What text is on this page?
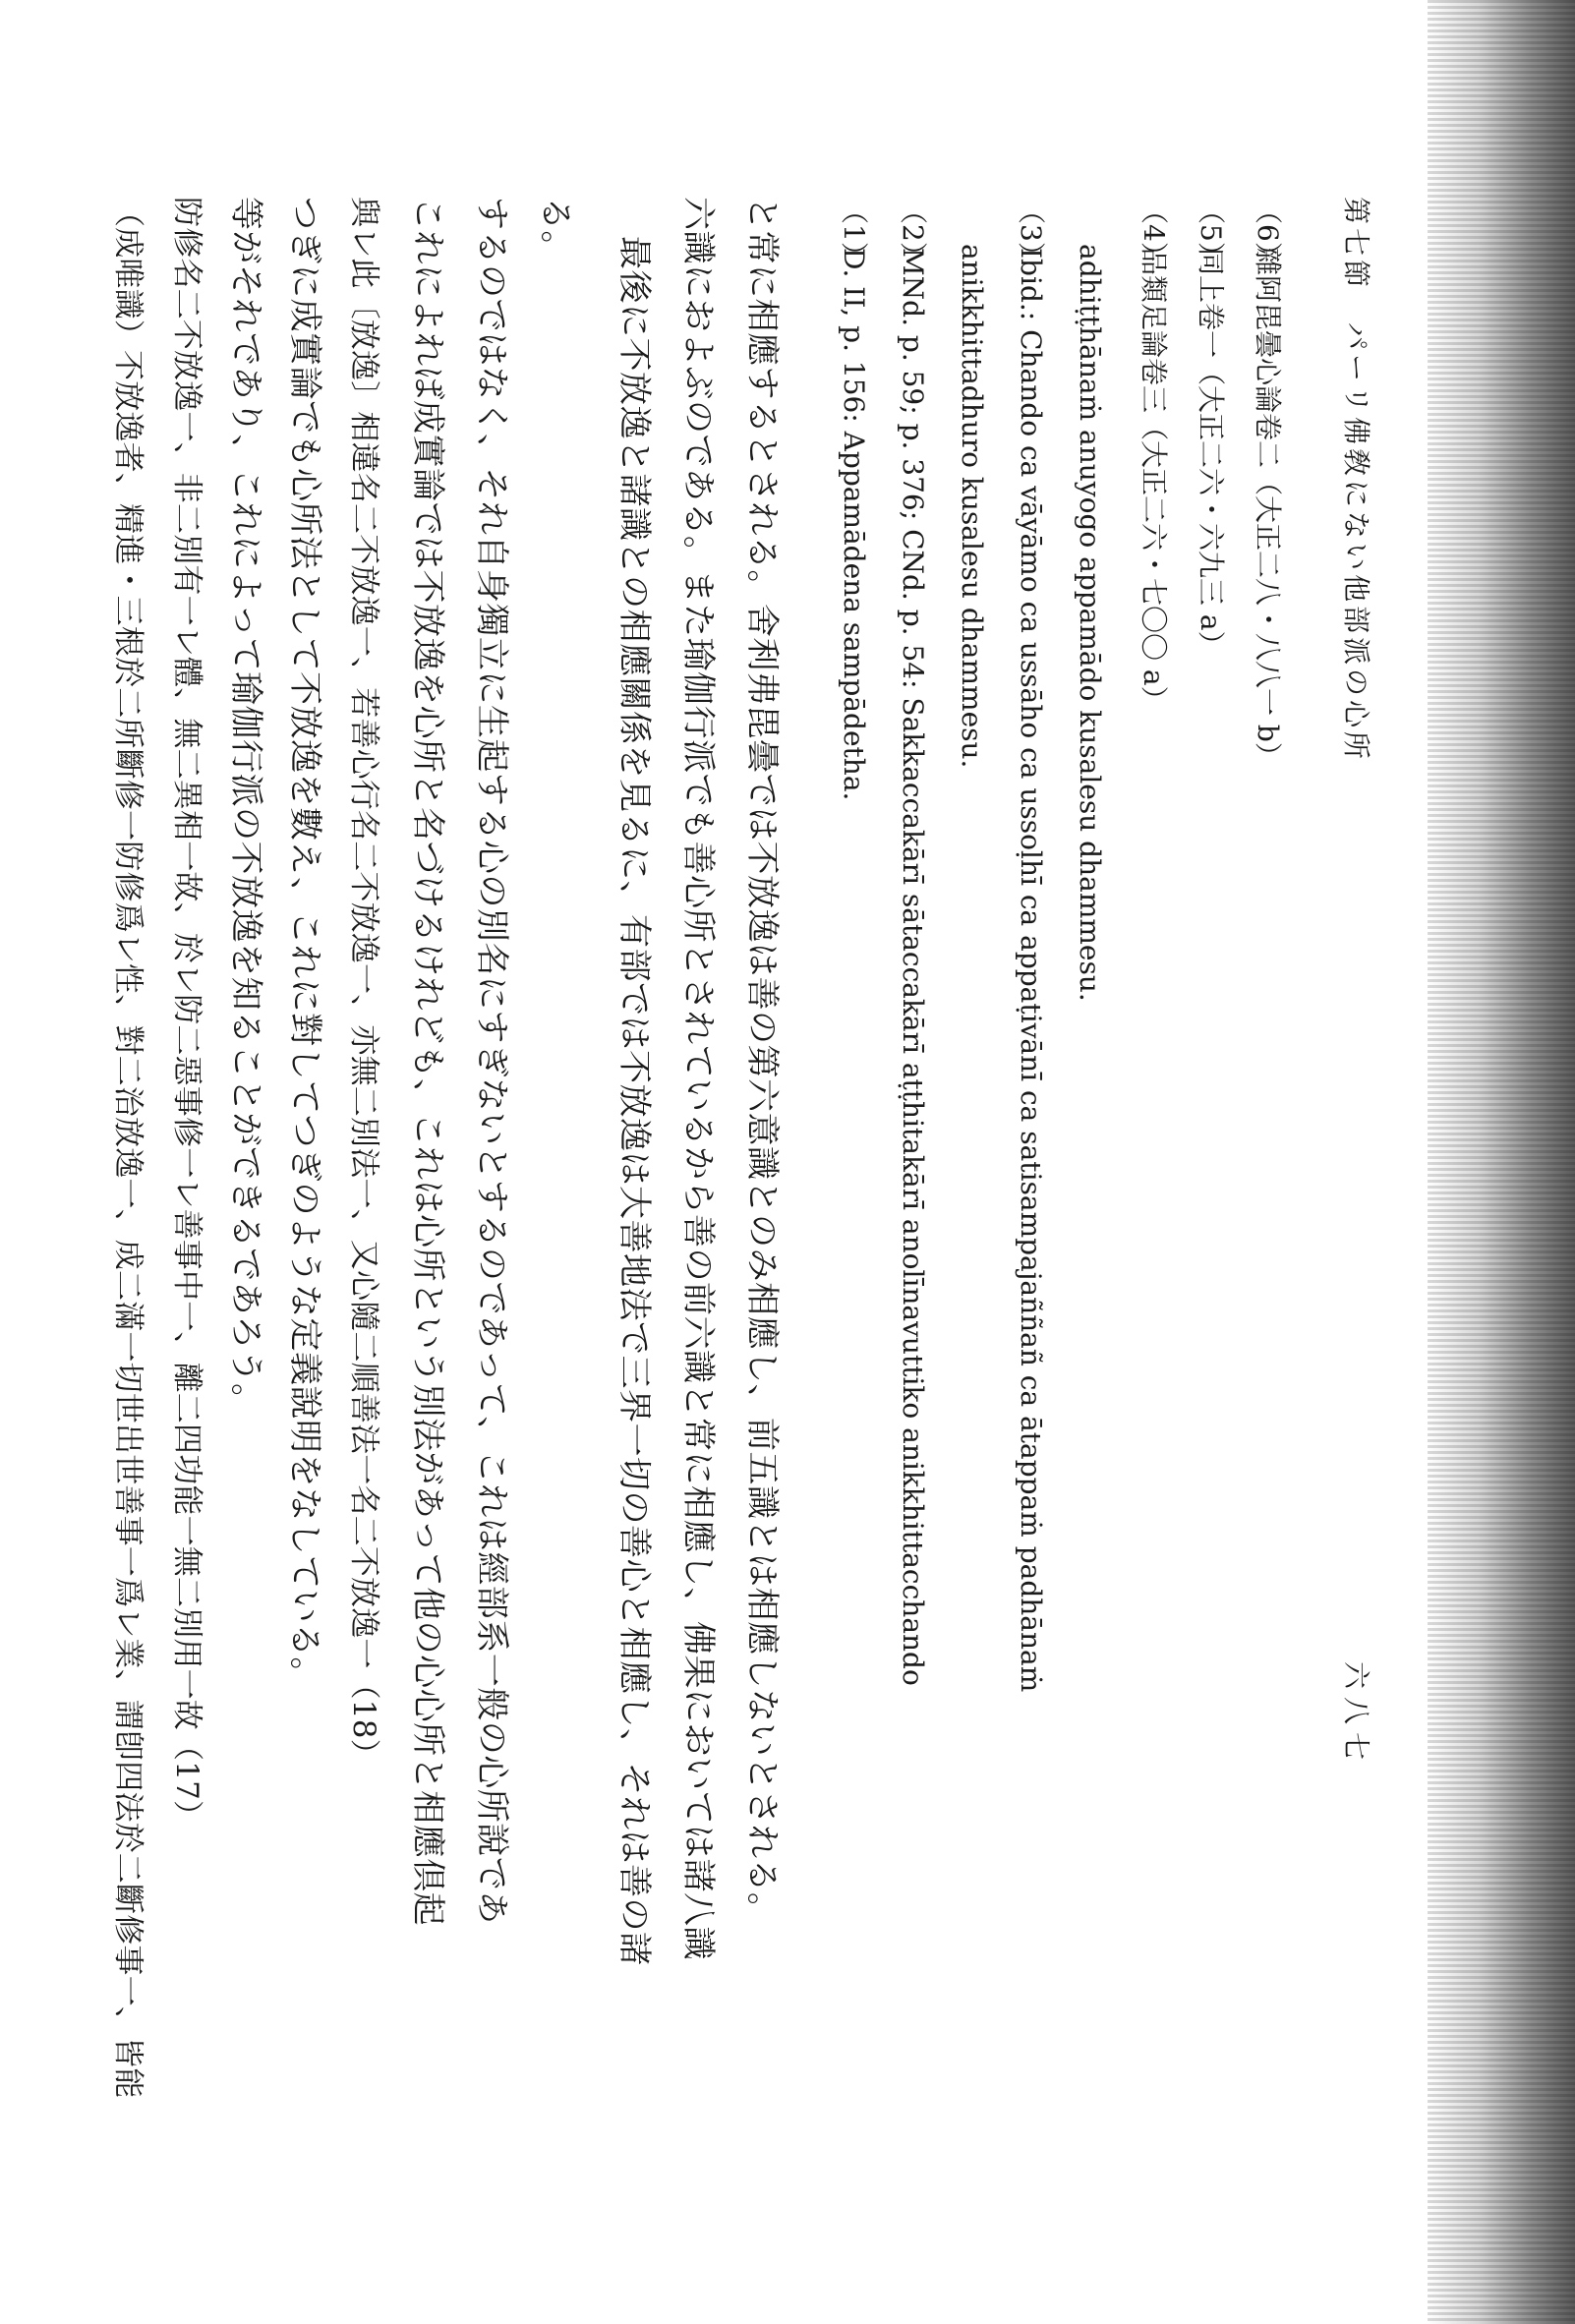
（成唯識）不放逸者、精進・三根於二所斷修一防修爲レ性、對二治放逸一、成二滿一切世出世善事一爲レ業、謂卽四法於二斷修事一、皆能 防修名二不放逸一、非二別有一レ體、無二異相一故、於レ防二惡事修一レ善事中一、離二四功能一無二別用一故（17） 等がそれであり、これによって瑜伽行派の不放逸を知ることができるであろう。 つぎに成實論でも心所法として不放逸を數え、これに對してつぎのような定義說明をなしている。 與レ此〔放逸〕相違名二不放逸一、若善心行名二不放逸一、亦無二別法一、又心隨二順善法一名二不放逸一（18） これによれば成實論では不放逸を心所と名づけるけれども、これは心所という別法があって他の心心所と相應倶起 するのではなく、それ自身獨立に生起する心の別名にすぎないとするのであって、これは經部系一般の心所說であ る。
最後に不放逸と諸識との相應關係を見るに、有部では不放逸は大善地法で三界一切の善心と相應し、それは善の諸 六識におよぶのである。また瑜伽行派でも善心所とされているから善の前六識と常に相應し、佛果においては諸八識 と常に相應するとされる。舍利弗毘曇では不放逸は善の第六意識とのみ相應し、前五識とは相應しないとされる。 （1）D. II, p. 156: Appamādena sampādetha.
（2）MNd. p. 59; p. 376; CNd. p. 54: Sakkaccakārī sātaccakārī aṭṭhitakārī anolīnavuttiko anikkhittacchando anikkhittadhuro kusalesu dhammesu.
（3）Ibid.: Chando ca vāyāmo ca ussāho ca ussoḷhī ca appaṭivānī ca satisampajaññañ ca ātappaṁ padhānaṁ adhiṭṭhānaṁ anuyogo appamādo kusalesu dhammesu.
（4）品類足論卷三（大正二六・七〇〇 a）
（5）同上卷一（大正二六・六九三 a）
（6）雜阿毘曇心論卷二（大正二八・八八一 b） 第七節　パーリ佛敎にない他部派の心所
六八七
